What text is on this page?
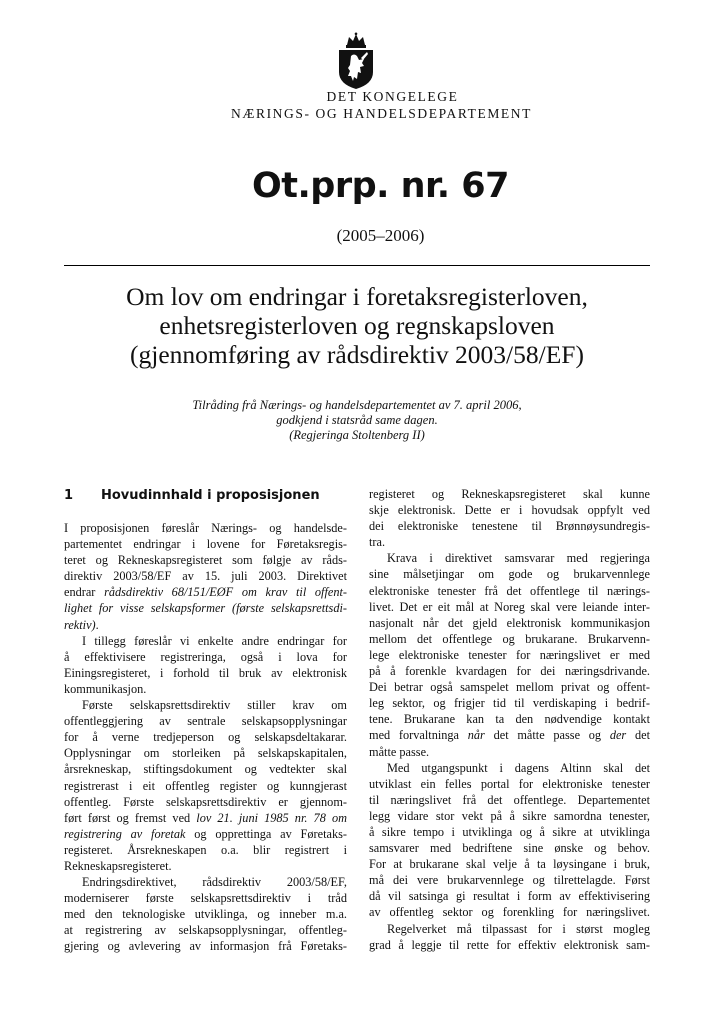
DET KONGELEGE
NÆRINGS- OG HANDELSDEPARTEMENT
Ot.prp. nr. 67
(2005–2006)
Om lov om endringar i foretaksregisterloven,
enhetsregisterloven og regnskapsloven
(gjennomføring av rådsdirektiv 2003/58/EF)
Tilråding frå Nærings- og handelsdepartementet av 7. april 2006,
godkjend i statsråd same dagen.
(Regjeringa Stoltenberg II)
1 Hovudinnhald i proposisjonen
I proposisjonen føreslår Nærings- og handelsde-
partementet endringar i lovene for Føretaksregis-
teret og Rekneskapsregisteret som følgje av råds-
direktiv 2003/58/EF av 15. juli 2003. Direktivet
endrar rådsdirektiv 68/151/EØF om krav til offent-
lighet for visse selskapsformer (første selskapsrettsdi-
rektiv).
I tillegg føreslår vi enkelte andre endringar for
å effektivisere registreringa, også i lova for
Einingsregisteret, i forhold til bruk av elektronisk
kommunikasjon.
Første selskapsrettsdirektiv stiller krav om
offentleggjering av sentrale selskapsopplysningar
for å verne tredjeperson og selskapsdeltakarar.
Opplysningar om storleiken på selskapskapitalen,
årsrekneskap, stiftingsdokument og vedtekter skal
registrerast i eit offentleg register og kunngjerast
offentleg. Første selskapsrettsdirektiv er gjennom-
ført først og fremst ved lov 21. juni 1985 nr. 78 om
registrering av foretak og opprettinga av Føretaks-
registeret. Årsrekneskapen o.a. blir registrert i
Rekneskapsregisteret.
Endringsdirektivet, rådsdirektiv 2003/58/EF,
moderniserer første selskapsrettsdirektiv i tråd
med den teknologiske utviklinga, og inneber m.a.
at registrering av selskapsopplysningar, offentleg-
gjering og avlevering av informasjon frå Føretaks-
registeret og Rekneskapsregisteret skal kunne
skje elektronisk. Dette er i hovudsak oppfylt ved
dei elektroniske tenestene til Brønnøysundregis-
tra.
Krava i direktivet samsvarar med regjeringa
sine målsetjingar om gode og brukarvennlege
elektroniske tenester frå det offentlege til nærings-
livet. Det er eit mål at Noreg skal vere leiande inter-
nasjonalt når det gjeld elektronisk kommunikasjon
mellom det offentlege og brukarane. Brukarvenn-
lege elektroniske tenester for næringslivet er med
på å forenkle kvardagen for dei næringsdrivande.
Dei betrar også samspelet mellom privat og offent-
leg sektor, og frigjer tid til verdiskaping i bedrif-
tene. Brukarane kan ta den nødvendige kontakt
med forvaltninga når det måtte passe og der det
måtte passe.
Med utgangspunkt i dagens Altinn skal det
utviklast ein felles portal for elektroniske tenester
til næringslivet frå det offentlege. Departementet
legg vidare stor vekt på å sikre samordna tenester,
å sikre tempo i utviklinga og å sikre at utviklinga
samsvarer med bedriftene sine ønske og behov.
For at brukarane skal velje å ta løysingane i bruk,
må dei vere brukarvennlege og tilrettelagde. Først
då vil satsinga gi resultat i form av effektivisering
av offentleg sektor og forenkling for næringslivet.
Regelverket må tilpassast for i størst mogleg
grad å leggje til rette for effektiv elektronisk sam-
